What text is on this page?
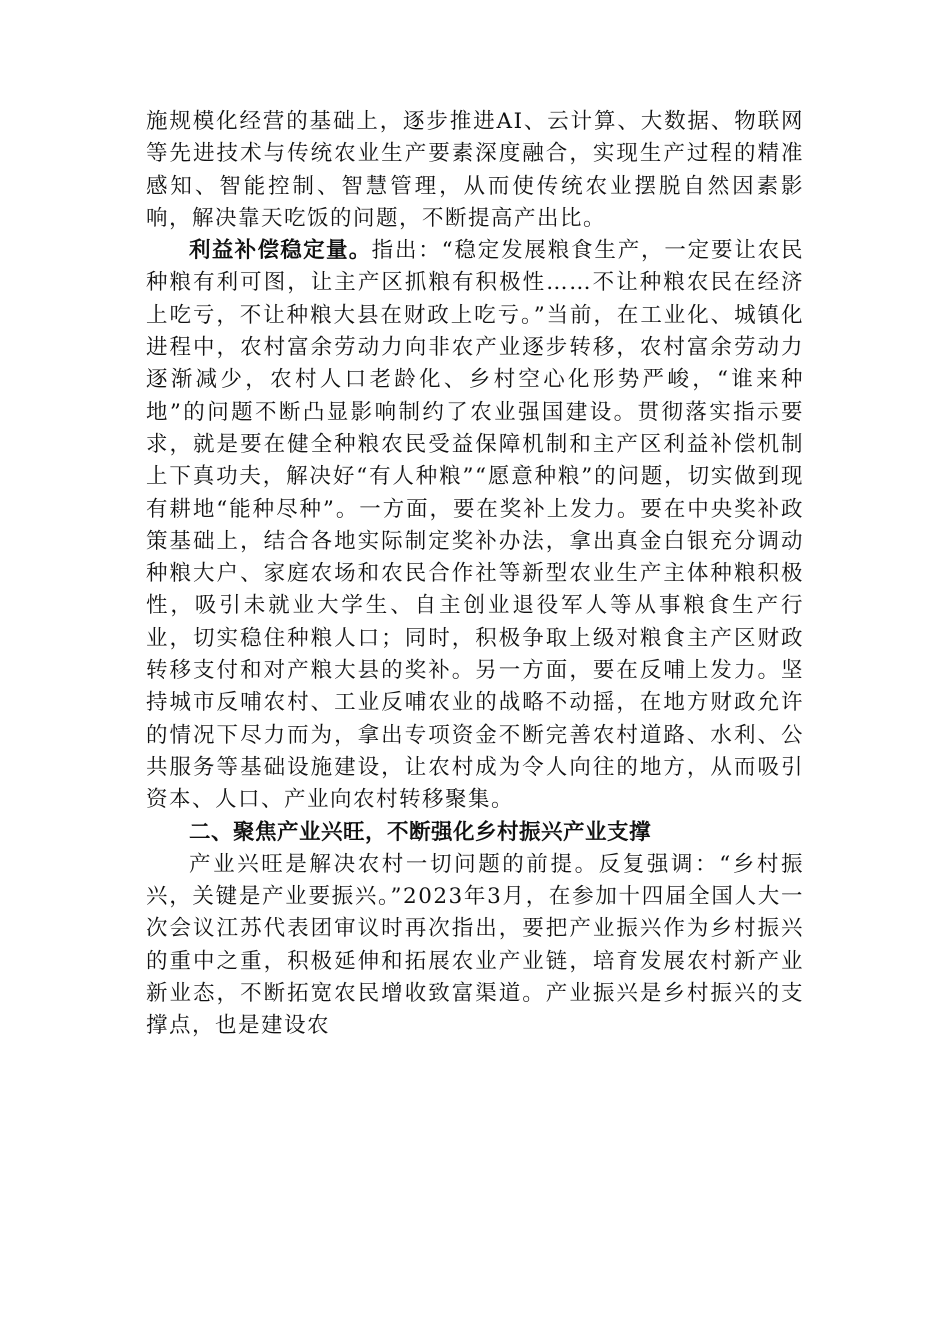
施规模化经营的基础上，逐步推进AI、云计算、大数据、物联网等先进技术与传统农业生产要素深度融合，实现生产过程的精准感知、智能控制、智慧管理，从而使传统农业摆脱自然因素影响，解决靠天吃饭的问题，不断提高产出比。

利益补偿稳定量。指出：“稳定发展粮食生产，一定要让农民种粮有利可图，让主产区抓粮有积极性……不让种粮农民在经济上吃亏，不让种粮大县在财政上吃亏。”当前，在工业化、城镇化进程中，农村富余劳动力向非农产业逐步转移，农村富余劳动力逐渐减少，农村人口老龄化、乡村空心化形势严峻，“谁来种地”的问题不断凸显影响制约了农业强国建设。贯彻落实指示要求，就是要在健全种粮农民受益保障机制和主产区利益补偿机制上下真功夫，解决好“有人种粮”“愿意种粮”的问题，切实做到现有耕地“能种尽种”。一方面，要在奖补上发力。要在中央奖补政策基础上，结合各地实际制定奖补办法，拿出真金白银充分调动种粮大户、家庭农场和农民合作社等新型农业生产主体种粮积极性，吸引未就业大学生、自主创业退役军人等从事粮食生产行业，切实稳住种粮人口；同时，积极争取上级对粮食主产区财政转移支付和对产粮大县的奖补。另一方面，要在反哺上发力。坚持城市反哺农村、工业反哺农业的战略不动摇，在地方财政允许的情况下尽力而为，拿出专项资金不断完善农村道路、水利、公共服务等基础设施建设，让农村成为令人向往的地方，从而吸引资本、人口、产业向农村转移聚集。

二、聚焦产业兴旺，不断强化乡村振兴产业支撑

产业兴旺是解决农村一切问题的前提。反复强调：“乡村振兴，关键是产业要振兴。”2023年3月，在参加十四届全国人大一次会议江苏代表团审议时再次指出，要把产业振兴作为乡村振兴的重中之重，积极延伸和拓展农业产业链，培育发展农村新产业新业态，不断拓宽农民增收致富渠道。产业振兴是乡村振兴的支撑点，也是建设农
